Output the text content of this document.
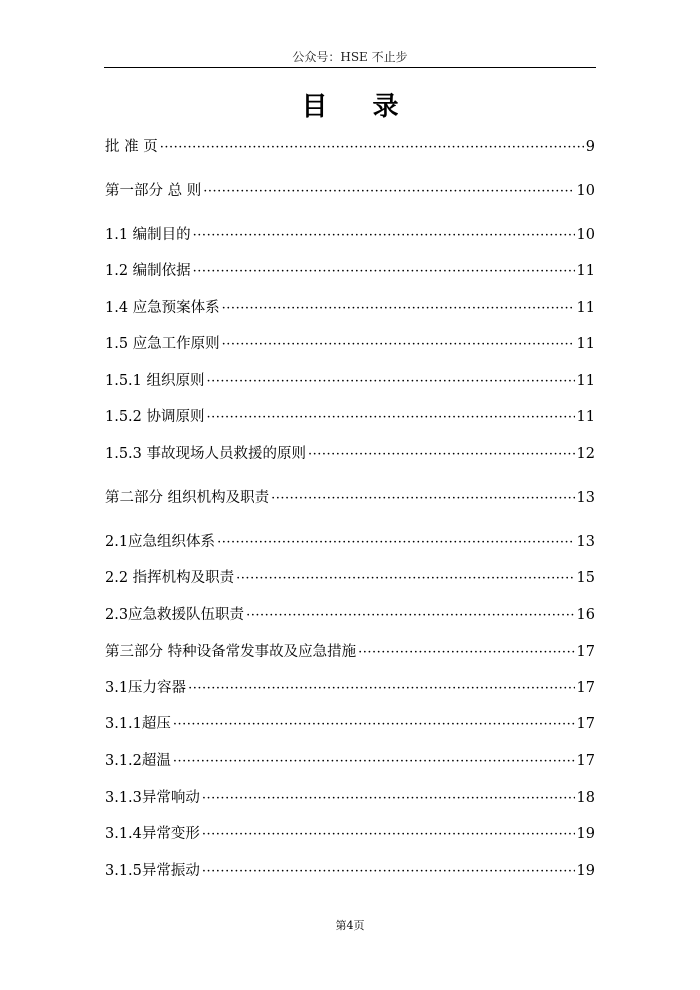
公众号：HSE 不止步
目 录
批 准 页 ·····	9
第一部分 总 则 ·····	10
1.1 编制目的 ·····	10
1.2 编制依据 ·····	11
1.4 应急预案体系 ·····	11
1.5 应急工作原则 ·····	11
1.5.1 组织原则 ·····	11
1.5.2 协调原则 ·····	11
1.5.3 事故现场人员救援的原则 ·····	12
第二部分 组织机构及职责 ·····	13
2.1应急组织体系 ·····	13
2.2 指挥机构及职责 ·····	15
2.3应急救援队伍职责 ·····	16
第三部分 特种设备常发事故及应急措施 ·····	17
3.1压力容器 ·····	17
3.1.1超压 ·····	17
3.1.2超温 ·····	17
3.1.3异常响动 ·····	18
3.1.4异常变形 ·····	19
3.1.5异常振动 ·····	19
第4页
